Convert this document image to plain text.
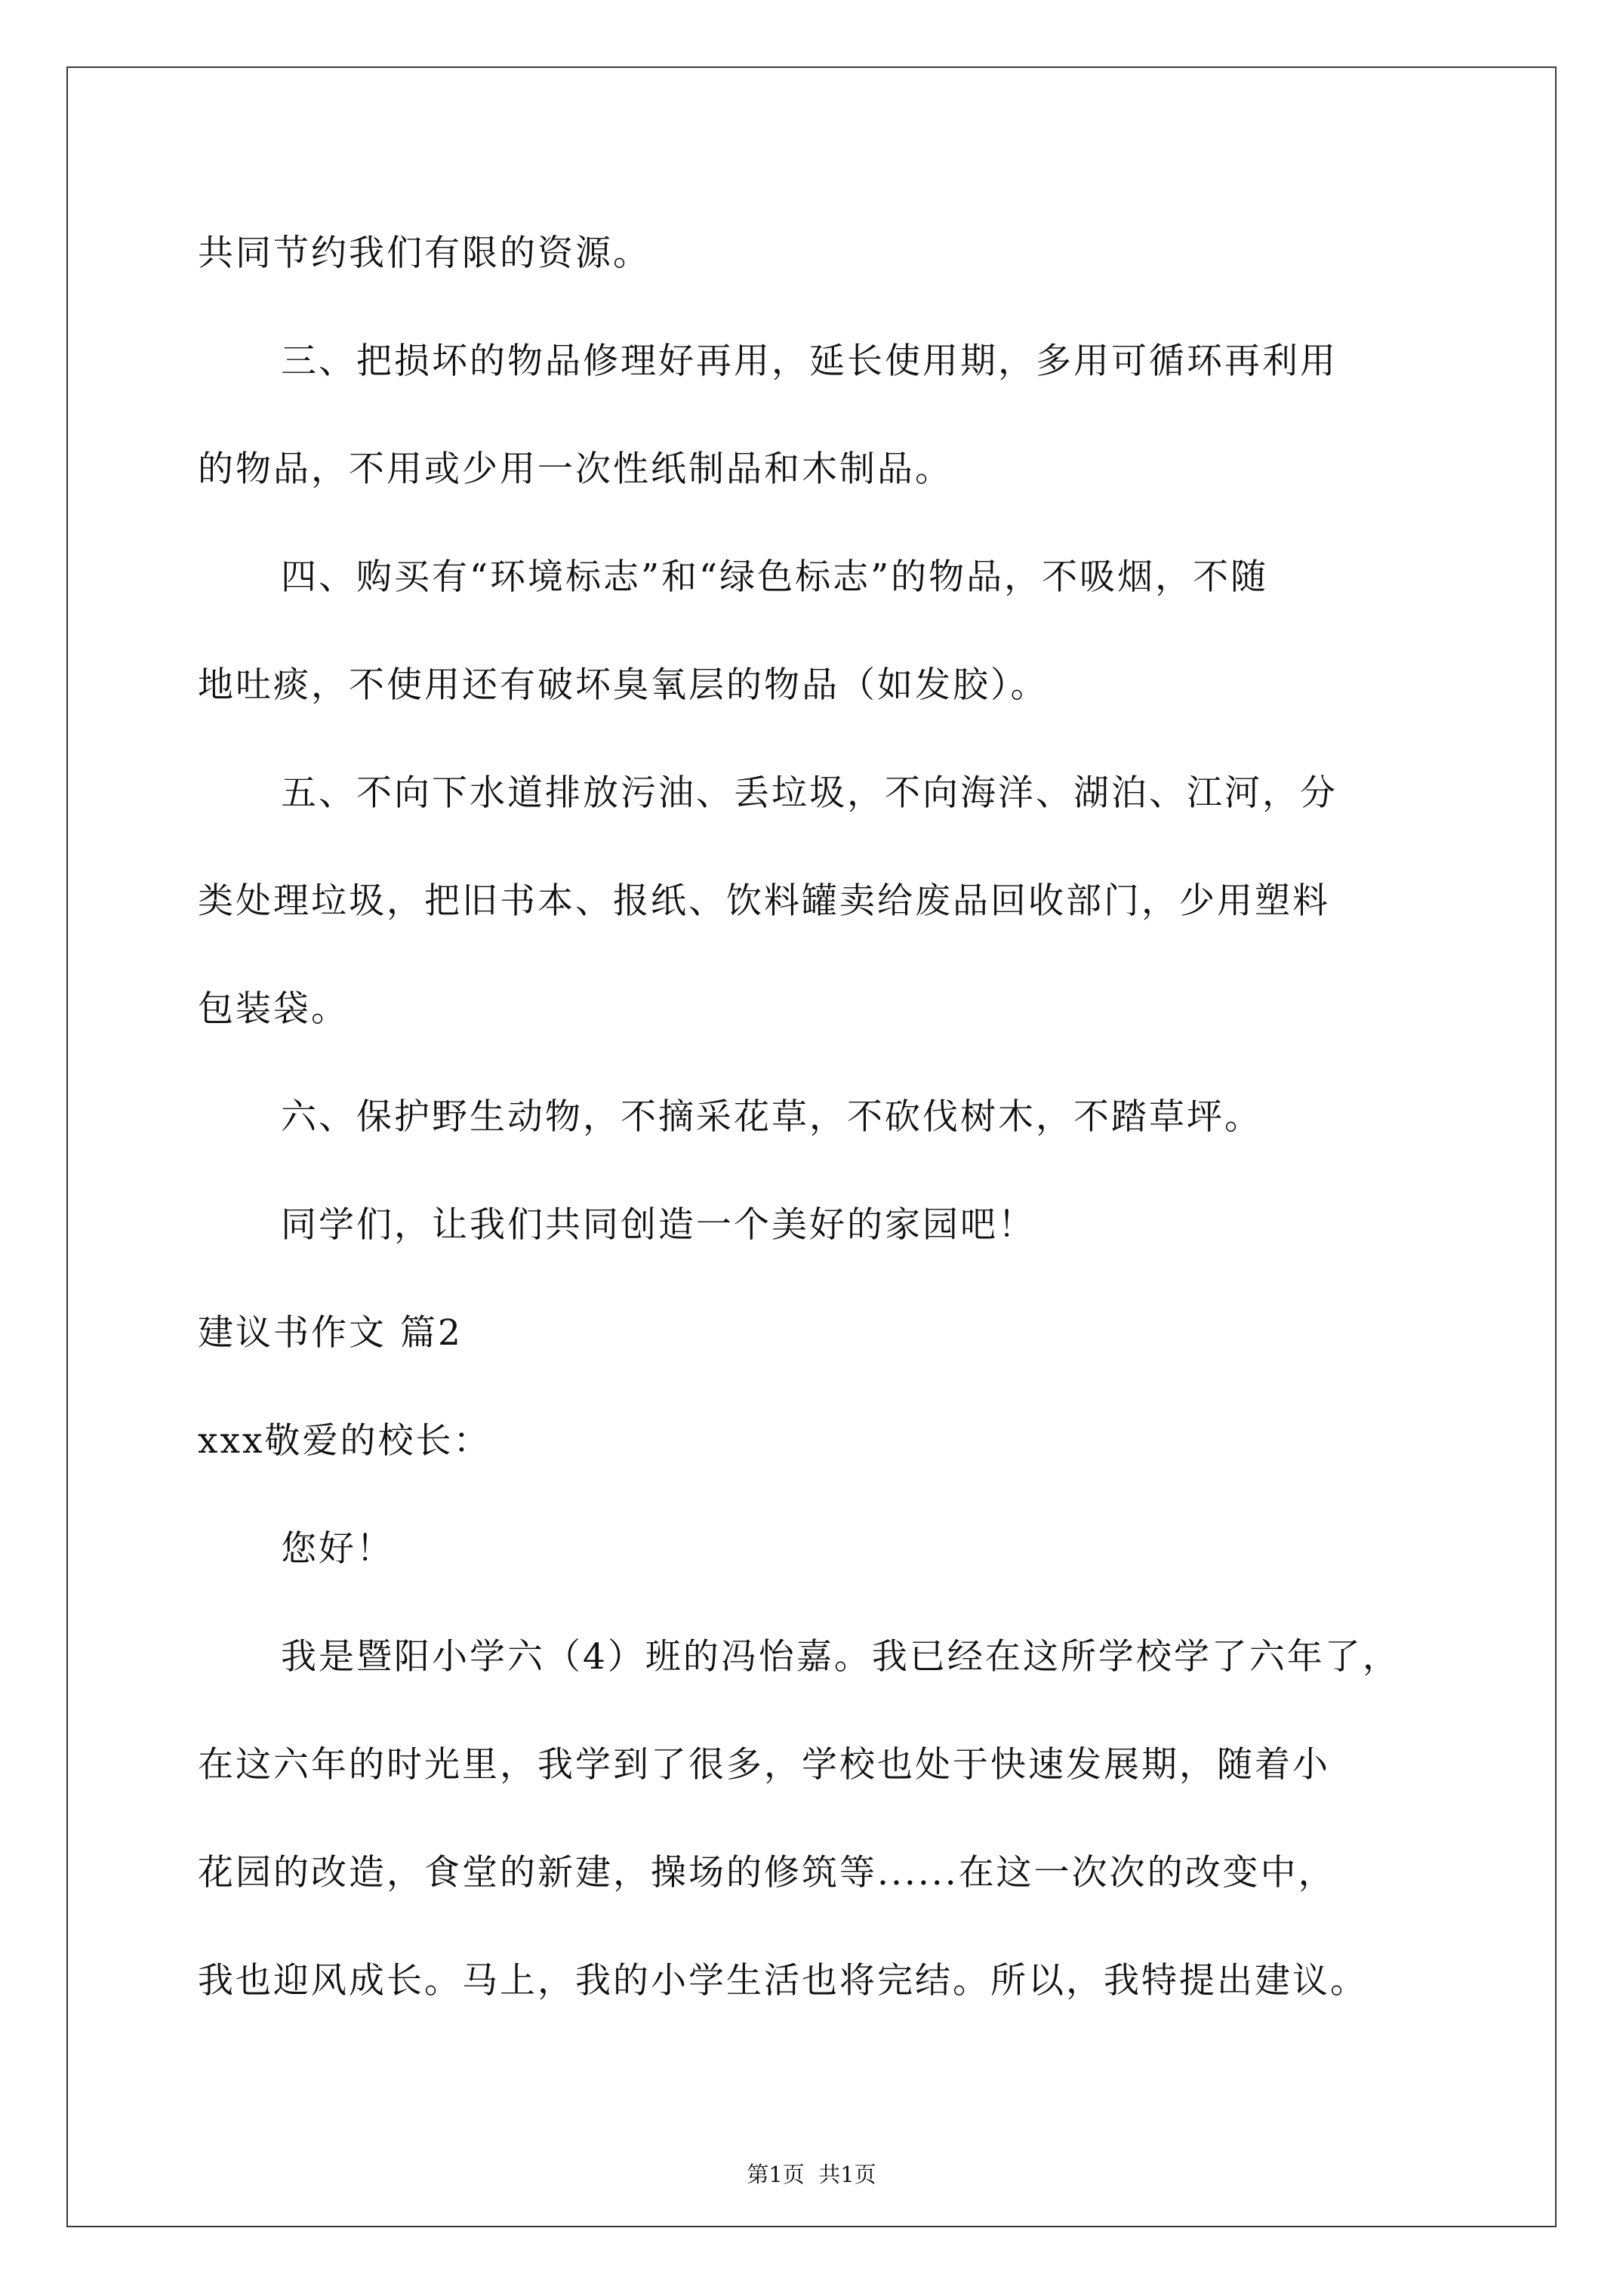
共同节约我们有限的资源。
三、把损坏的物品修理好再用，延长使用期，多用可循环再利用
的物品，不用或少用一次性纸制品和木制品。
四、购买有“环境标志”和“绿色标志”的物品，不吸烟，不随
地吐痰，不使用还有破坏臭氧层的物品（如发胶）。
五、不向下水道排放污油、丢垃圾，不向海洋、湖泊、江河，分
类处理垃圾，把旧书本、报纸、饮料罐卖给废品回收部门，少用塑料
包装袋。
六、保护野生动物，不摘采花草，不砍伐树木，不踏草坪。
同学们，让我们共同创造一个美好的家园吧！
建议书作文 篇2
xxx敬爱的校长：
您好！
我是暨阳小学六（4）班的冯怡嘉。我已经在这所学校学了六年了，
在这六年的时光里，我学到了很多，学校也处于快速发展期，随着小
花园的改造，食堂的新建，操场的修筑等......在这一次次的改变中，
我也迎风成长。马上，我的小学生活也将完结。所以，我特提出建议。
第1页  共1页
